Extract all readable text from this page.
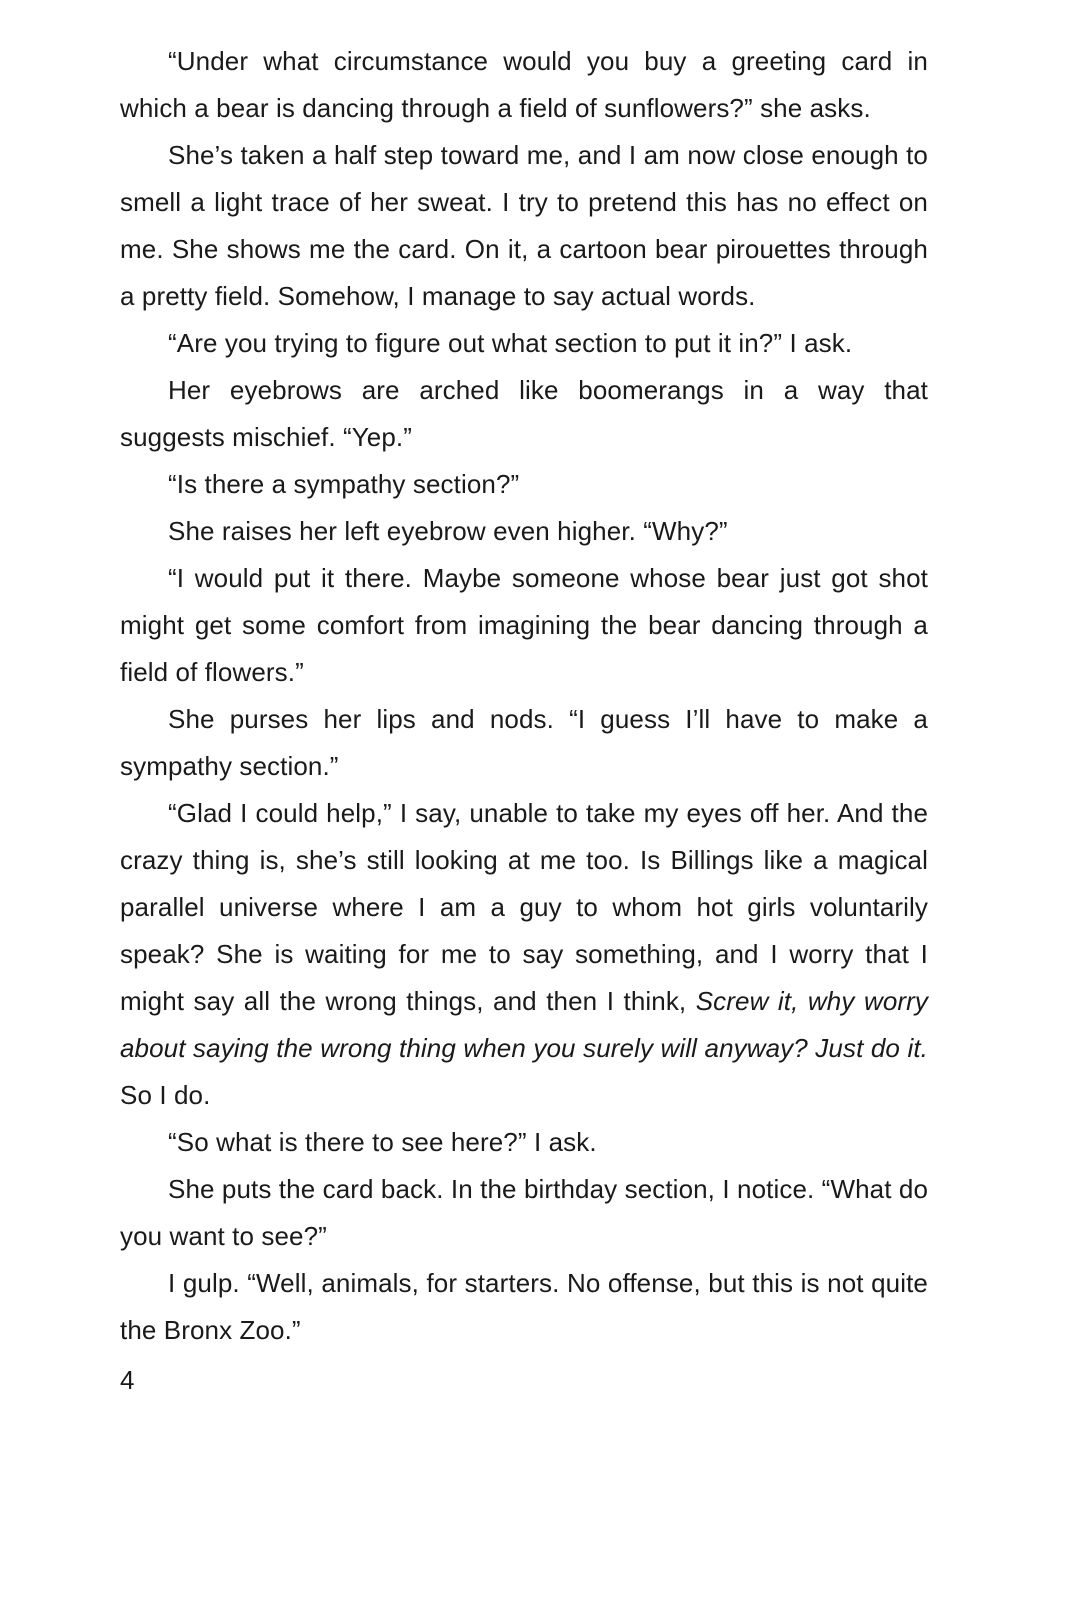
“Under what circumstance would you buy a greeting card in which a bear is dancing through a field of sunflowers?” she asks.

She’s taken a half step toward me, and I am now close enough to smell a light trace of her sweat. I try to pretend this has no effect on me. She shows me the card. On it, a cartoon bear pirouettes through a pretty field. Somehow, I manage to say actual words.

“Are you trying to figure out what section to put it in?” I ask.

Her eyebrows are arched like boomerangs in a way that suggests mischief. “Yep.”

“Is there a sympathy section?”

She raises her left eyebrow even higher. “Why?”

“I would put it there. Maybe someone whose bear just got shot might get some comfort from imagining the bear dancing through a field of flowers.”

She purses her lips and nods. “I guess I’ll have to make a sympathy section.”

“Glad I could help,” I say, unable to take my eyes off her. And the crazy thing is, she’s still looking at me too. Is Billings like a magical parallel universe where I am a guy to whom hot girls voluntarily speak? She is waiting for me to say something, and I worry that I might say all the wrong things, and then I think, Screw it, why worry about saying the wrong thing when you surely will anyway? Just do it. So I do.

“So what is there to see here?” I ask.

She puts the card back. In the birthday section, I notice. “What do you want to see?”

I gulp. “Well, animals, for starters. No offense, but this is not quite the Bronx Zoo.”

4
